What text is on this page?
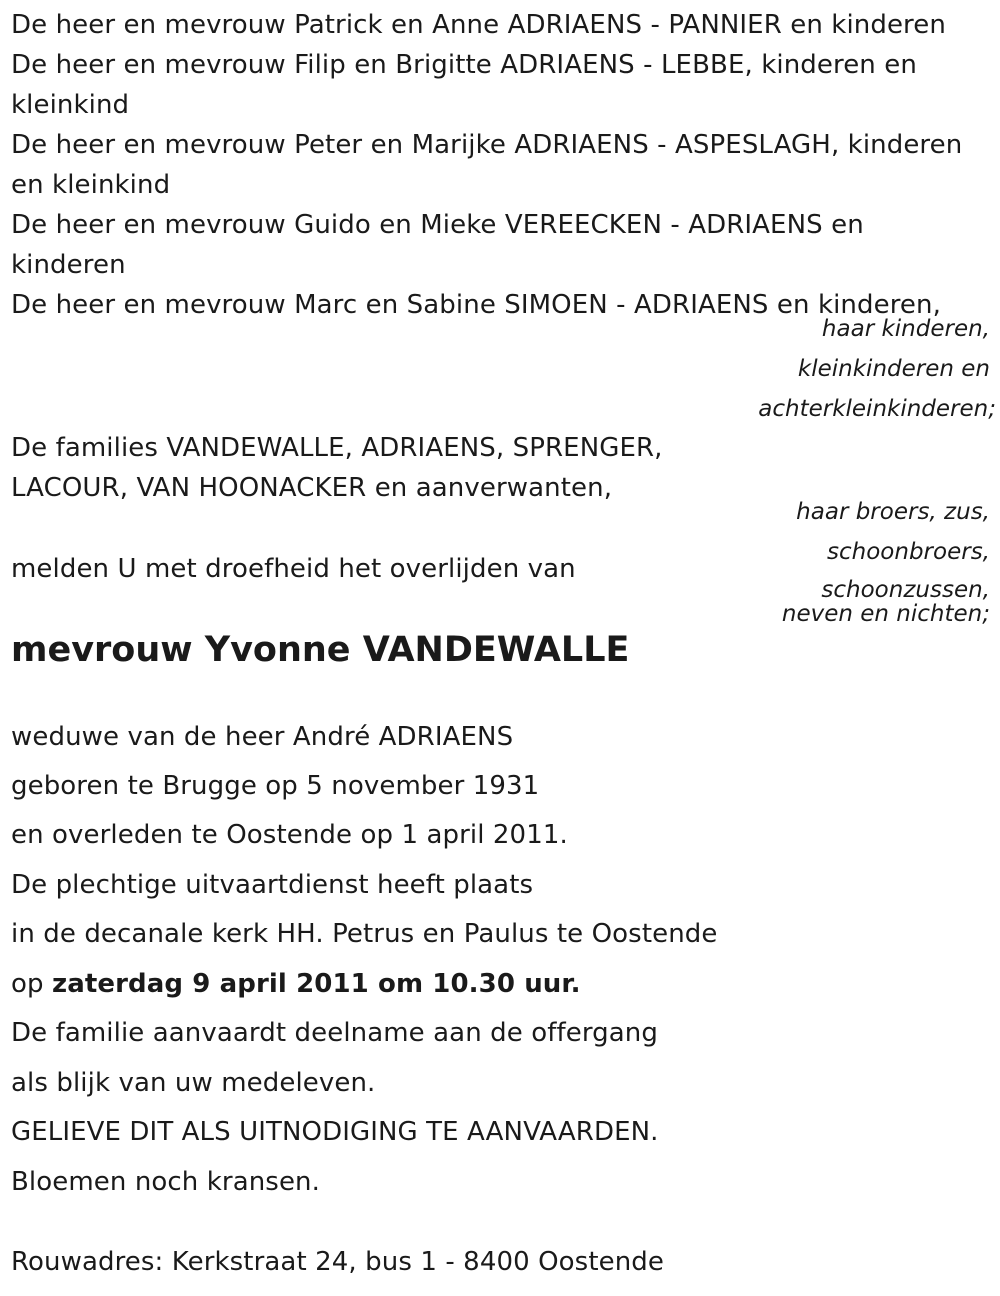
De heer en mevrouw Patrick en Anne ADRIAENS - PANNIER en kinderen
De heer en mevrouw Filip en Brigitte ADRIAENS - LEBBE, kinderen en
kleinkind
De heer en mevrouw Peter en Marijke ADRIAENS - ASPESLAGH, kinderen
en kleinkind
De heer en mevrouw Guido en Mieke VEREECKEN - ADRIAENS en
kinderen
De heer en mevrouw Marc en Sabine SIMOEN - ADRIAENS en kinderen,
haar kinderen,
kleinkinderen en
achterkleinkinderen;
De families VANDEWALLE, ADRIAENS, SPRENGER,
LACOUR, VAN HOONACKER en aanverwanten,
haar broers, zus,
schoonbroers,
schoonzussen,
neven en nichten;
melden U met droefheid het overlijden van
mevrouw Yvonne VANDEWALLE
weduwe van de heer André ADRIAENS
geboren te Brugge op 5 november 1931
en overleden te Oostende op 1 april 2011.
De plechtige uitvaartdienst heeft plaats
in de decanale kerk HH. Petrus en Paulus te Oostende
op zaterdag 9 april 2011 om 10.30 uur.
De familie aanvaardt deelname aan de offergang
als blijk van uw medeleven.
GELIEVE DIT ALS UITNODIGING TE AANVAARDEN.
Bloemen noch kransen.
Rouwadres: Kerkstraat 24, bus 1 - 8400 Oostende
